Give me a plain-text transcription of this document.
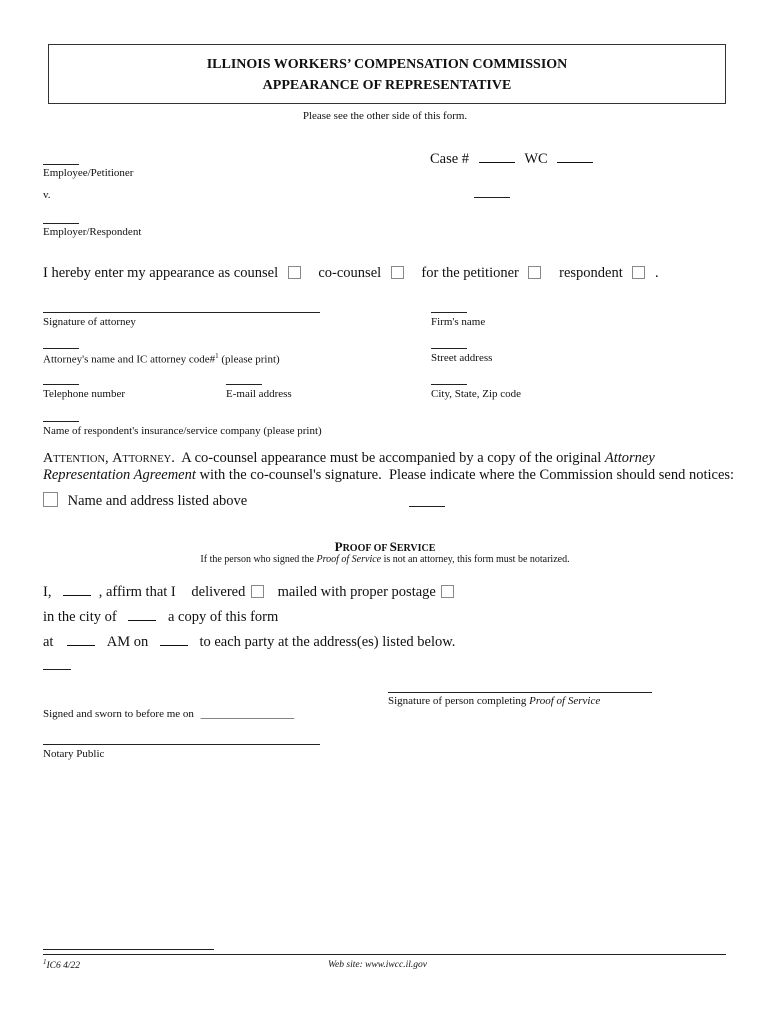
ILLINOIS WORKERS’ COMPENSATION COMMISSION
APPEARANCE OF REPRESENTATIVE
Please see the other side of this form.
Case #	WC
Employee/Petitioner
v.
Employer/Respondent
I hereby enter my appearance as counsel	co-counsel	for the petitioner	respondent .
Signature of attorney	Firm's name
Attorney's name and IC attorney code#$^1$ (please print)	Street address
Telephone number	E-mail address	City, State, Zip code
Name of respondent's insurance/service company (please print)
ATTENTION, ATTORNEY.  A co-counsel appearance must be accompanied by a copy of the original Attorney
Representation Agreement with the co-counsel's signature.  Please indicate where the Commission should send notices:
Name and address listed above
PROOF OF SERVICE
If the person who signed the Proof of Service is not an attorney, this form must be notarized.
I,	, affirm that I delivered mailed with proper postage
in the city of	a copy of this form
at	AM on	to each party at the address(es) listed below.
Signature of person completing Proof of Service
Signed and sworn to before me on _________________
Notary Public
$^1$IC6 4/22	Web site: www.iwcc.il.gov
